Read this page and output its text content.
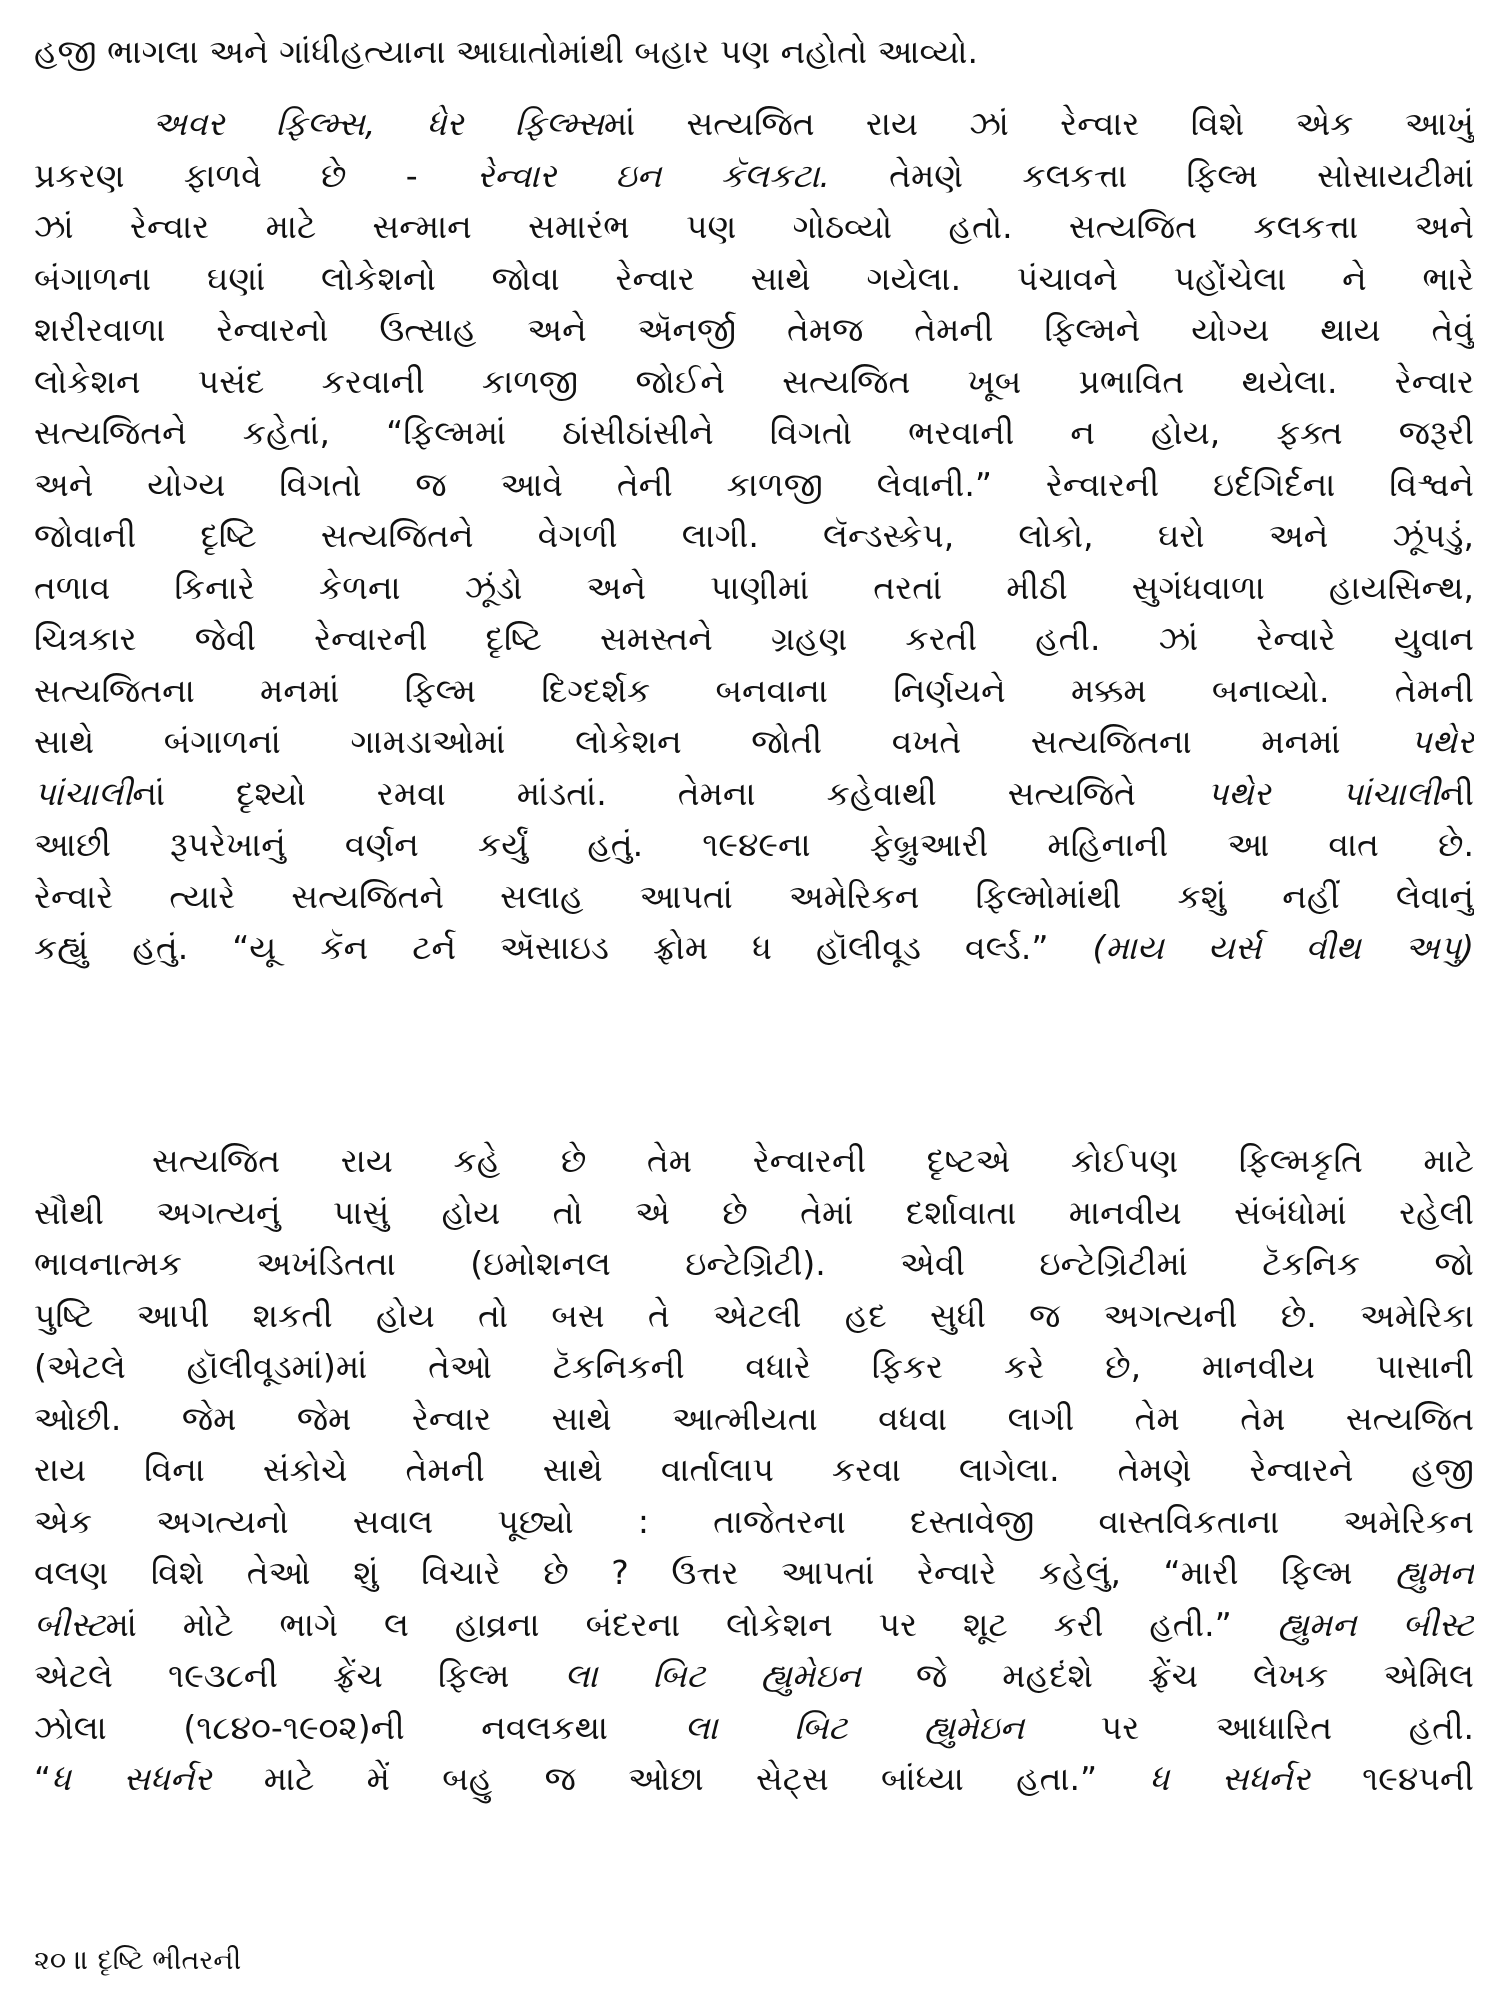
હજી ભાગલા અને ગાંધીહત્યાના આઘાતોમાંથી બહાર પણ નહોતો આવ્યો.
અવર ફિલ્મ્સ, ધેર ફિલ્મ્સમાં સત્યજિત રાય ઝાં રેન્વાર વિશે એક આખું
પ્રકરણ ફાળવે છે - રેન્વાર ઇન કૅલકટા. તેમણે કલકત્તા ફિલ્મ સોસાયટીમાં
ઝાં રેન્વાર માટે સન્માન સમારંભ પણ ગોઠવ્યો હતો. સત્યજિત કલકત્તા અને
બંગાળના ઘણાં લોકેશનો જોવા રેન્વાર સાથે ગયેલા. પંચાવને પહોંચેલા ને ભારે
શરીરવાળા રેન્વારનો ઉત્સાહ અને ઍનર્જી તેમજ તેમની ફિલ્મને યોગ્ય થાય તેવું
લોકેશન પસંદ કરવાની કાળજી જોઈને સત્યજિત ખૂબ પ્રભાવિત થયેલા. રેન્વાર
સત્યજિતને કહેતાં, “ફિલ્મમાં ઠાંસીઠાંસીને વિગતો ભરવાની ન હોય, ફક્ત જરૂરી
અને યોગ્ય વિગતો જ આવે તેની કાળજી લેવાની.” રેન્વારની ઇર્દગિર્દના વિશ્વને
જોવાની દૃષ્ટિ સત્યજિતને વેગળી લાગી. લૅન્ડસ્કેપ, લોકો, ઘરો અને ઝૂંપડું,
તળાવ કિનારે કેળના ઝૂંડો અને પાણીમાં તરતાં મીઠી સુગંધવાળા હાયસિન્થ,
ચિત્રકાર જેવી રેન્વારની દૃષ્ટિ સમસ્તને ગ્રહણ કરતી હતી. ઝાં રેન્વારે યુવાન
સત્યજિતના મનમાં ફિલ્મ દિગ્દર્શક બનવાના નિર્ણયને મક્કમ બનાવ્યો. તેમની
સાથે બંગાળનાં ગામડાઓમાં લોકેશન જોતી વખતે સત્યજિતના મનમાં પથેર
પાંચાલીનાં દૃશ્યો રમવા માંડતાં. તેમના કહેવાથી સત્યજિતે પથેર પાંચાલીની
આછી રૂપરેખાનું વર્ણન કર્યું હતું. ૧૯૪૯ના ફેબ્રુઆરી મહિનાની આ વાત છે.
રેન્વારે ત્યારે સત્યજિતને સલાહ આપતાં અમેરિકન ફિલ્મોમાંથી કશું નહીં લેવાનું
કહ્યું હતું. “યૂ કૅન ટર્ન ઍસાઇડ ફ્રોમ ધ હૉલીવૂડ વર્લ્ડ.” (માય યર્સ વીથ અપુ)
સત્યજિત રાય કહે છે તેમ રેન્વારની દૃષ્ટએ કોઈપણ ફિલ્મકૃતિ માટે
સૌથી અગત્યનું પાસું હોય તો એ છે તેમાં દર્શાવાતા માનવીય સંબંધોમાં રહેલી
ભાવનાત્મક અખંડિતતા (ઇમોશનલ ઇન્ટેગ્રિટી). એવી ઇન્ટેગ્રિટીમાં ટૅકનિક જો
પુષ્ટિ આપી શકતી હોય તો બસ તે એટલી હદ સુધી જ અગત્યની છે. અમેરિકા
(એટલે હૉલીવૂડમાં)માં તેઓ ટૅકનિકની વધારે ફિકર કરે છે, માનવીય પાસાની
ઓછી. જેમ જેમ રેન્વાર સાથે આત્મીયતા વધવા લાગી તેમ તેમ સત્યજિત
રાય વિના સંકોચે તેમની સાથે વાર્તાલાપ કરવા લાગેલા. તેમણે રેન્વારને હજી
એક અગત્યનો સવાલ પૂછ્યો : તાજેતરના દસ્તાવેજી વાસ્તવિકતાના અમેરિકન
વલણ વિશે તેઓ શું વિચારે છે ? ઉત્તર આપતાં રેન્વારે કહેલું, “મારી ફિલ્મ હ્યુમન
બીસ્ટમાં મોટે ભાગે લ હાવ્રના બંદરના લોકેશન પર શૂટ કરી હતી.” હ્યુમન બીસ્ટ
એટલે ૧૯૩૮ની ફ્રેંચ ફિલ્મ લા બિટ હ્યુમેઇન જે મહદંશે ફ્રેંચ લેખક એમિલ
ઝોલા (૧૮૪૦-૧૯૦૨)ની નવલકથા લા બિટ હ્યુમેઇન પર આધારિત હતી.
“ધ સધર્નર માટે મેં બહુ જ ઓછા સેટ્સ બાંધ્યા હતા.” ધ સધર્નર ૧૯૪૫ની
૨૦ ॥ દૃષ્ટિ ભીતરની
